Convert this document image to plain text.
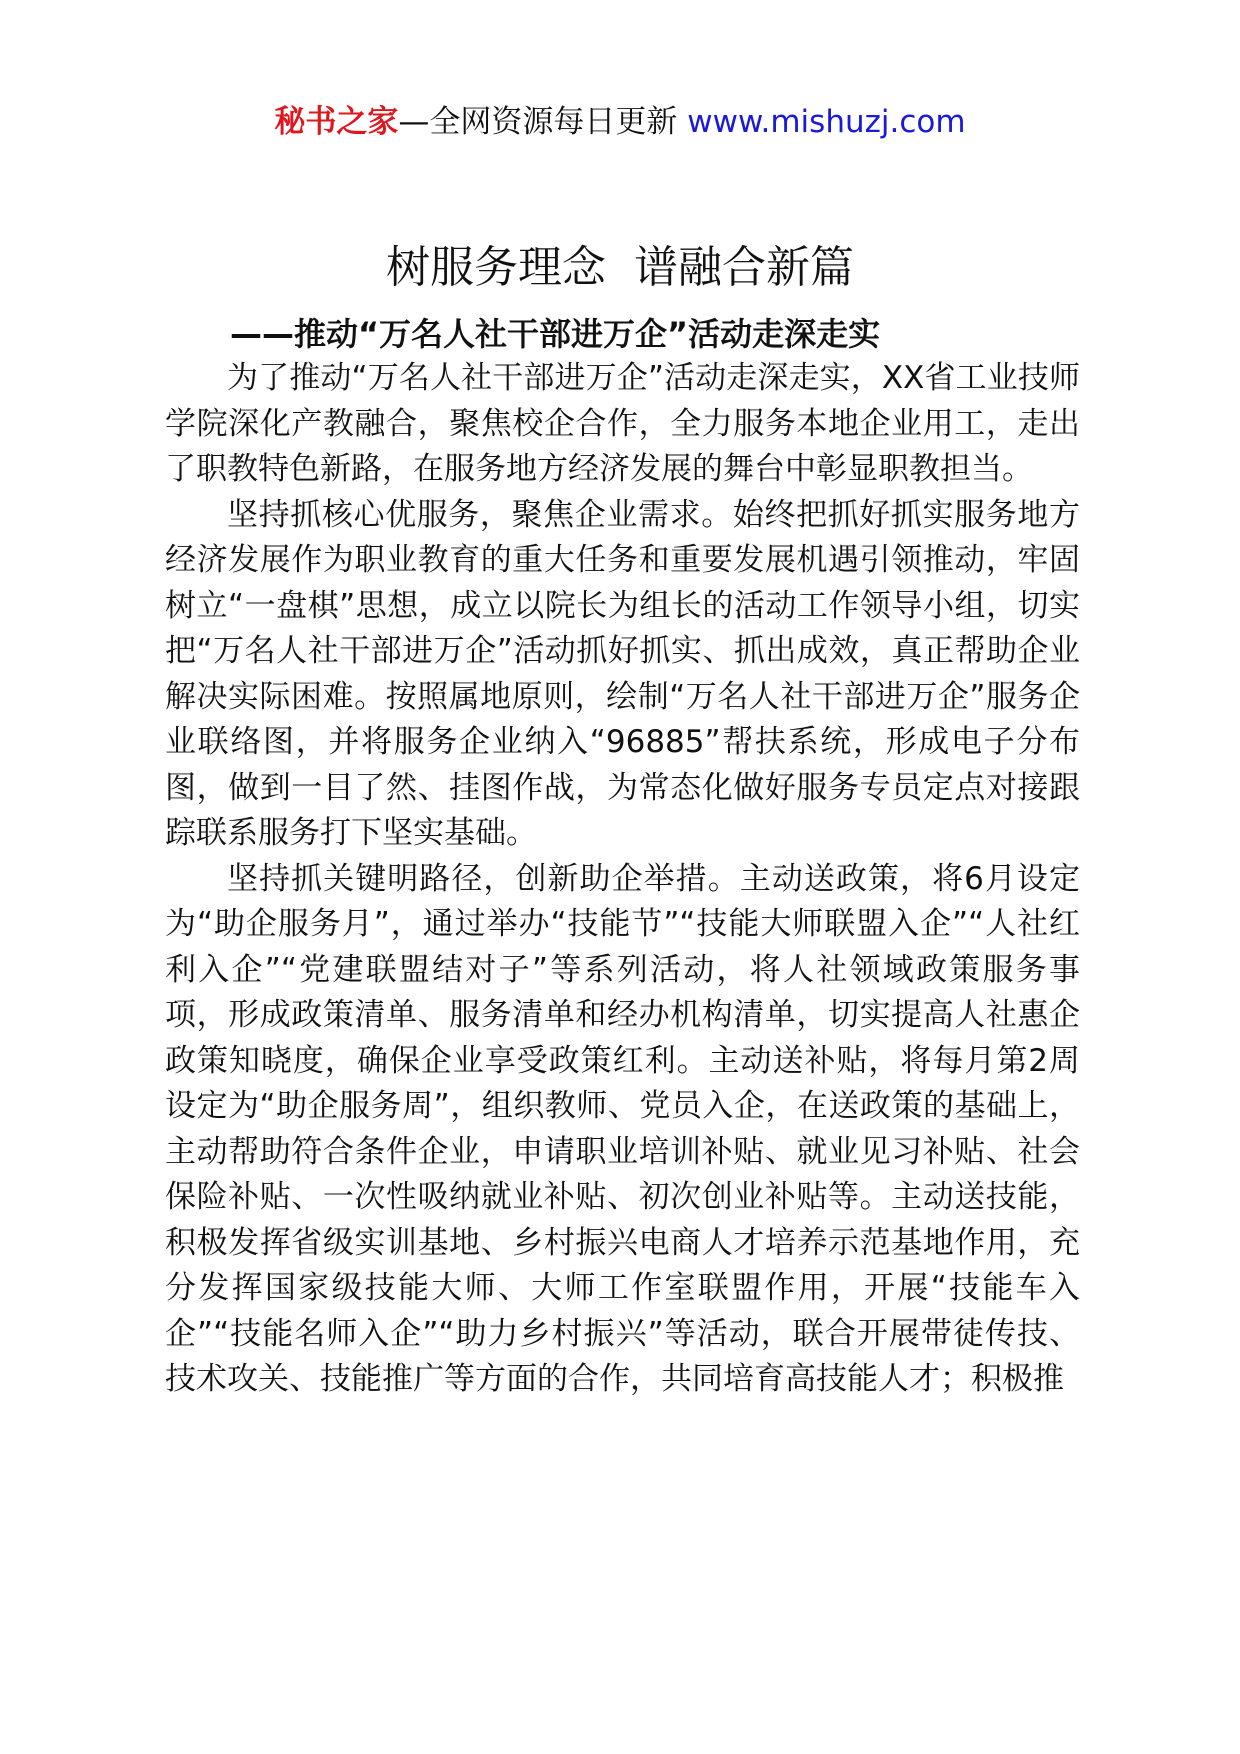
秘书之家—全网资源每日更新 www.mishuzj.com
树服务理念  谱融合新篇
——推动“万名人社干部进万企”活动走深走实

为了推动“万名人社干部进万企”活动走深走实，XX省工业技师学院深化产教融合，聚焦校企合作，全力服务本地企业用工，走出了职教特色新路，在服务地方经济发展的舞台中彰显职教担当。

坚持抓核心优服务，聚焦企业需求。始终把抓好抓实服务地方经济发展作为职业教育的重大任务和重要发展机遇引领推动，牢固树立“一盘棋”思想，成立以院长为组长的活动工作领导小组，切实把“万名人社干部进万企”活动抓好抓实、抓出成效，真正帮助企业解决实际困难。按照属地原则，绘制“万名人社干部进万企”服务企业联络图，并将服务企业纳入“96885”帮扶系统，形成电子分布图，做到一目了然、挂图作战，为常态化做好服务专员定点对接跟踪联系服务打下坚实基础。

坚持抓关键明路径，创新助企举措。主动送政策，将6月设定为“助企服务月”，通过举办“技能节”“技能大师联盟入企”“人社红利入企”“党建联盟结对子”等系列活动，将人社领域政策服务事项，形成政策清单、服务清单和经办机构清单，切实提高人社惠企政策知晓度，确保企业享受政策红利。主动送补贴，将每月第2周设定为“助企服务周”，组织教师、党员入企，在送政策的基础上，主动帮助符合条件企业，申请职业培训补贴、就业见习补贴、社会保险补贴、一次性吸纳就业补贴、初次创业补贴等。主动送技能，积极发挥省级实训基地、乡村振兴电商人才培养示范基地作用，充分发挥国家级技能大师、大师工作室联盟作用，开展“技能车入企”“技能名师入企”“助力乡村振兴”等活动，联合开展带徒传技、技术攻关、技能推广等方面的合作，共同培育高技能人才；积极推
